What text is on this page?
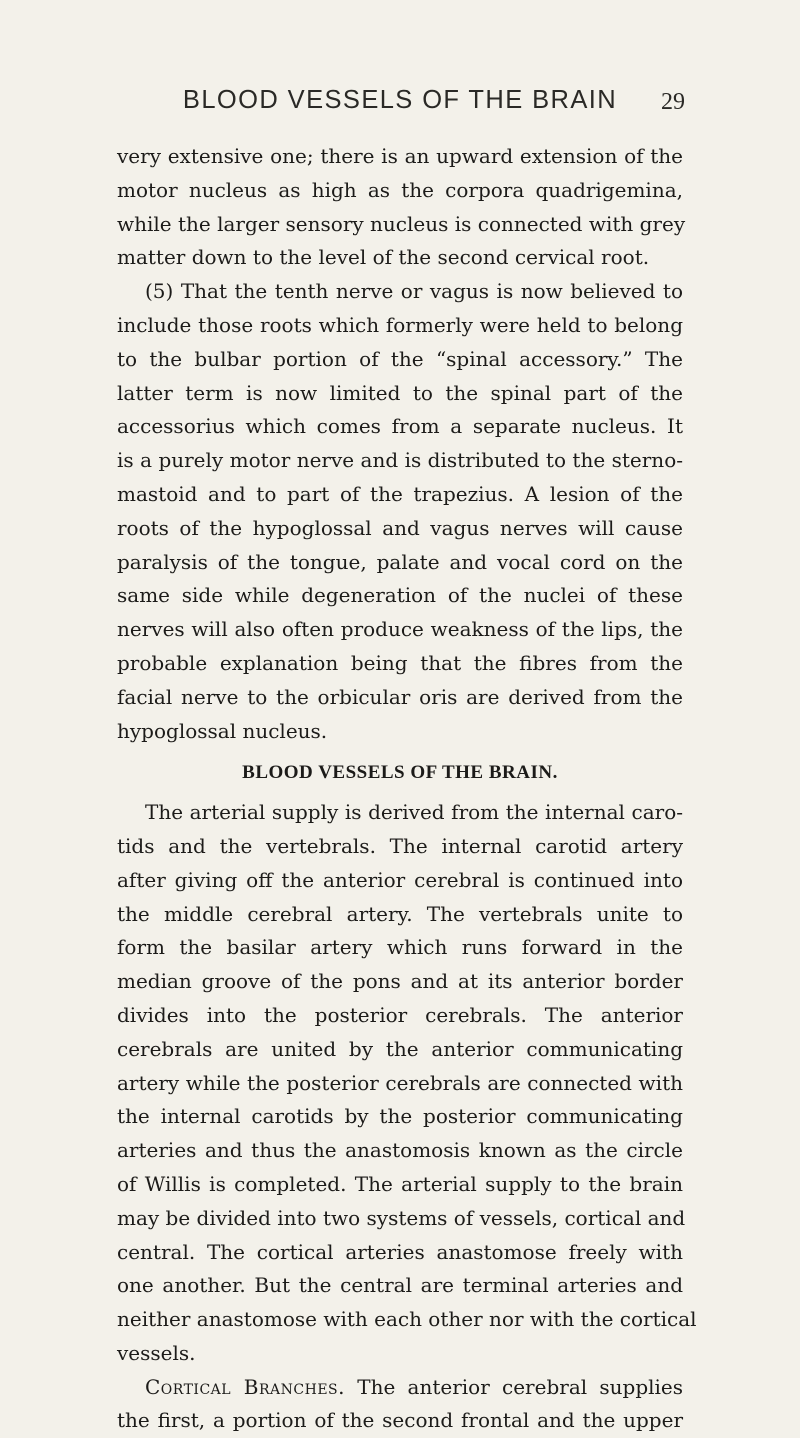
BLOOD VESSELS OF THE BRAIN	29
very extensive one; there is an upward extension of the
motor nucleus as high as the corpora quadrigemina,
while the larger sensory nucleus is connected with grey
matter down to the level of the second cervical root.
(5) That the tenth nerve or vagus is now believed to
include those roots which formerly were held to belong
to the bulbar portion of the “spinal accessory.” The
latter term is now limited to the spinal part of the
accessorius which comes from a separate nucleus. It
is a purely motor nerve and is distributed to the sterno-
mastoid and to part of the trapezius. A lesion of the
roots of the hypoglossal and vagus nerves will cause
paralysis of the tongue, palate and vocal cord on the
same side while degeneration of the nuclei of these
nerves will also often produce weakness of the lips, the
probable explanation being that the fibres from the
facial nerve to the orbicular oris are derived from the
hypoglossal nucleus.
BLOOD VESSELS OF THE BRAIN.
The arterial supply is derived from the internal caro-
tids and the vertebrals. The internal carotid artery
after giving off the anterior cerebral is continued into
the middle cerebral artery. The vertebrals unite to
form the basilar artery which runs forward in the
median groove of the pons and at its anterior border
divides into the posterior cerebrals. The anterior
cerebrals are united by the anterior communicating
artery while the posterior cerebrals are connected with
the internal carotids by the posterior communicating
arteries and thus the anastomosis known as the circle
of Willis is completed. The arterial supply to the brain
may be divided into two systems of vessels, cortical and
central. The cortical arteries anastomose freely with
one another. But the central are terminal arteries and
neither anastomose with each other nor with the cortical
vessels.
Cortical Branches. The anterior cerebral supplies
the first, a portion of the second frontal and the upper
